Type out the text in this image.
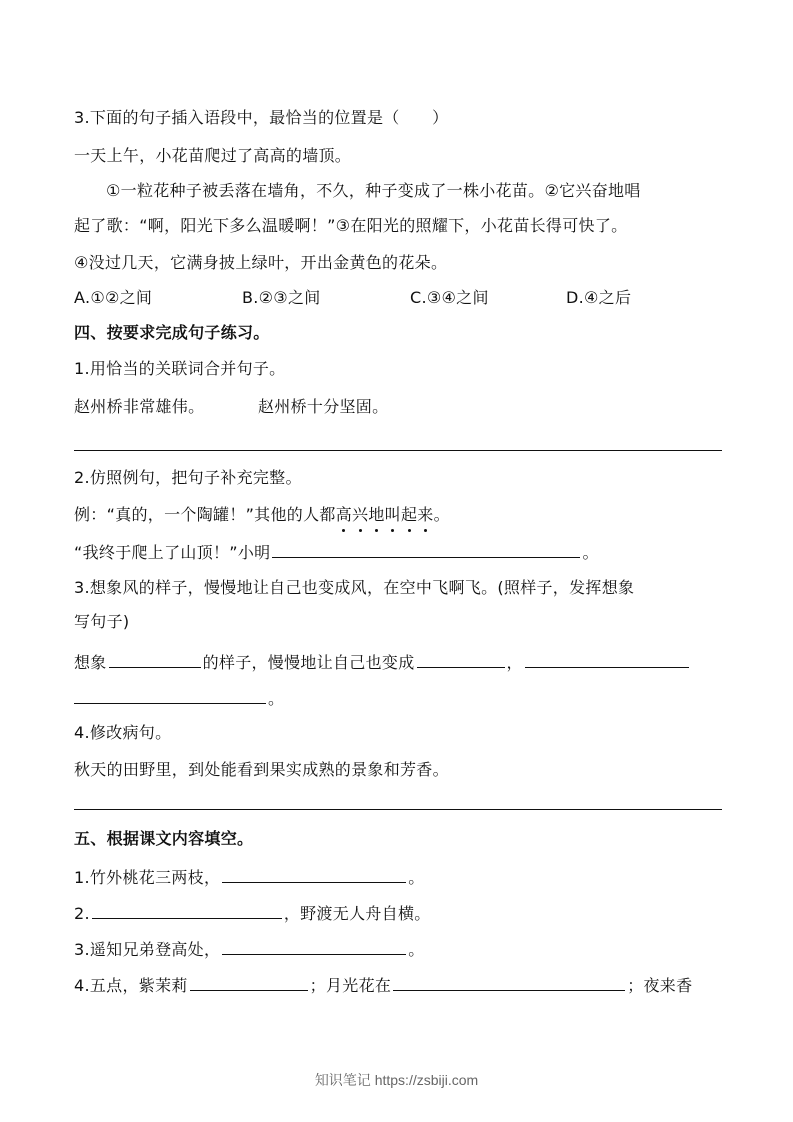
3.下面的句子插入语段中，最恰当的位置是（　　）
一天上午，小花苗爬过了高高的墙顶。
①一粒花种子被丢落在墙角，不久，种子变成了一株小花苗。②它兴奋地唱
起了歌：“啊，阳光下多么温暖啊！”③在阳光的照耀下，小花苗长得可快了。
④没过几天，它满身披上绿叶，开出金黄色的花朵。
A.①②之间	B.②③之间	C.③④之间	D.④之后
四、按要求完成句子练习。
1.用恰当的关联词合并句子。
赵州桥非常雄伟。	赵州桥十分坚固。
2.仿照例句，把句子补充完整。
例：“真的，一个陶罐！”其他的人都高兴地叫起来。
“我终于爬上了山顶！”小明	。
3.想象风的样子，慢慢地让自己也变成风，在空中飞啊飞。(照样子，发挥想象
写句子)
想象	的样子，慢慢地让自己也变成	，
。
4.修改病句。
秋天的田野里，到处能看到果实成熟的景象和芳香。
五、根据课文内容填空。
1.竹外桃花三两枝，	。
2.	，野渡无人舟自横。
3.遥知兄弟登高处，	。
4.五点，紫茉莉	；月光花在	；夜来香
知识笔记 https://zsbiji.com
